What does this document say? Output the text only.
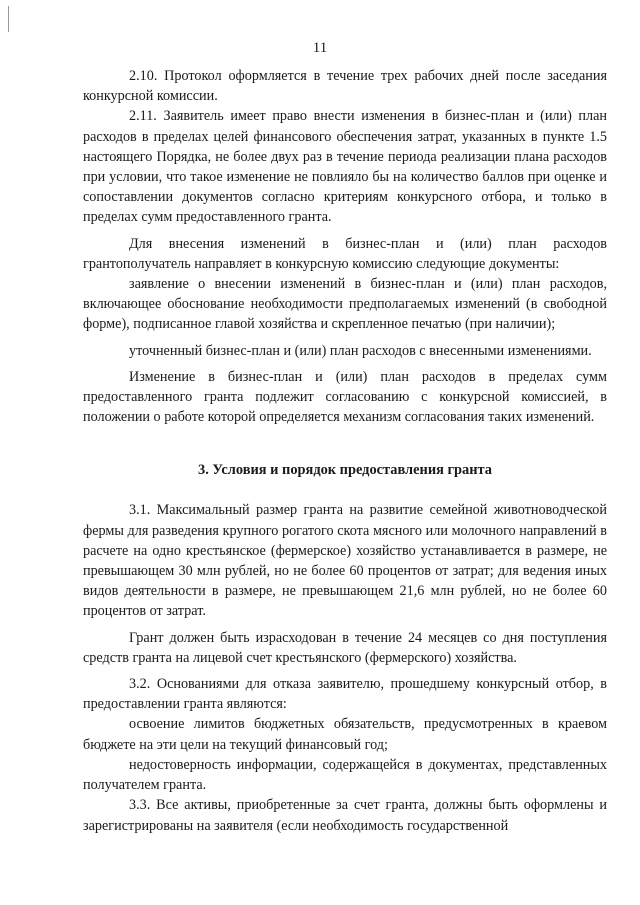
11

2.10. Протокол оформляется в течение трех рабочих дней после заседания конкурсной комиссии.

2.11. Заявитель имеет право внести изменения в бизнес-план и (или) план расходов в пределах целей финансового обеспечения затрат, указанных в пункте 1.5 настоящего Порядка, не более двух раз в течение периода реализации плана расходов при условии, что такое изменение не повлияло бы на количество баллов при оценке и сопоставлении документов согласно критериям конкурсного отбора, и только в пределах сумм предоставленного гранта.

Для внесения изменений в бизнес-план и (или) план расходов грантополучатель направляет в конкурсную комиссию следующие документы:

заявление о внесении изменений в бизнес-план и (или) план расходов, включающее обоснование необходимости предполагаемых изменений (в свободной форме), подписанное главой хозяйства и скрепленное печатью (при наличии);

уточненный бизнес-план и (или) план расходов с внесенными изменениями.

Изменение в бизнес-план и (или) план расходов в пределах сумм предоставленного гранта подлежит согласованию с конкурсной комиссией, в положении о работе которой определяется механизм согласования таких изменений.

3. Условия и порядок предоставления гранта

3.1. Максимальный размер гранта на развитие семейной животноводческой фермы для разведения крупного рогатого скота мясного или молочного направлений в расчете на одно крестьянское (фермерское) хозяйство устанавливается в размере, не превышающем 30 млн рублей, но не более 60 процентов от затрат; для ведения иных видов деятельности в размере, не превышающем 21,6 млн рублей, но не более 60 процентов от затрат.

Грант должен быть израсходован в течение 24 месяцев со дня поступления средств гранта на лицевой счет крестьянского (фермерского) хозяйства.

3.2. Основаниями для отказа заявителю, прошедшему конкурсный отбор, в предоставлении гранта являются:

освоение лимитов бюджетных обязательств, предусмотренных в краевом бюджете на эти цели на текущий финансовый год;

недостоверность информации, содержащейся в документах, представленных получателем гранта.

3.3. Все активы, приобретенные за счет гранта, должны быть оформлены и зарегистрированы на заявителя (если необходимость государственной
